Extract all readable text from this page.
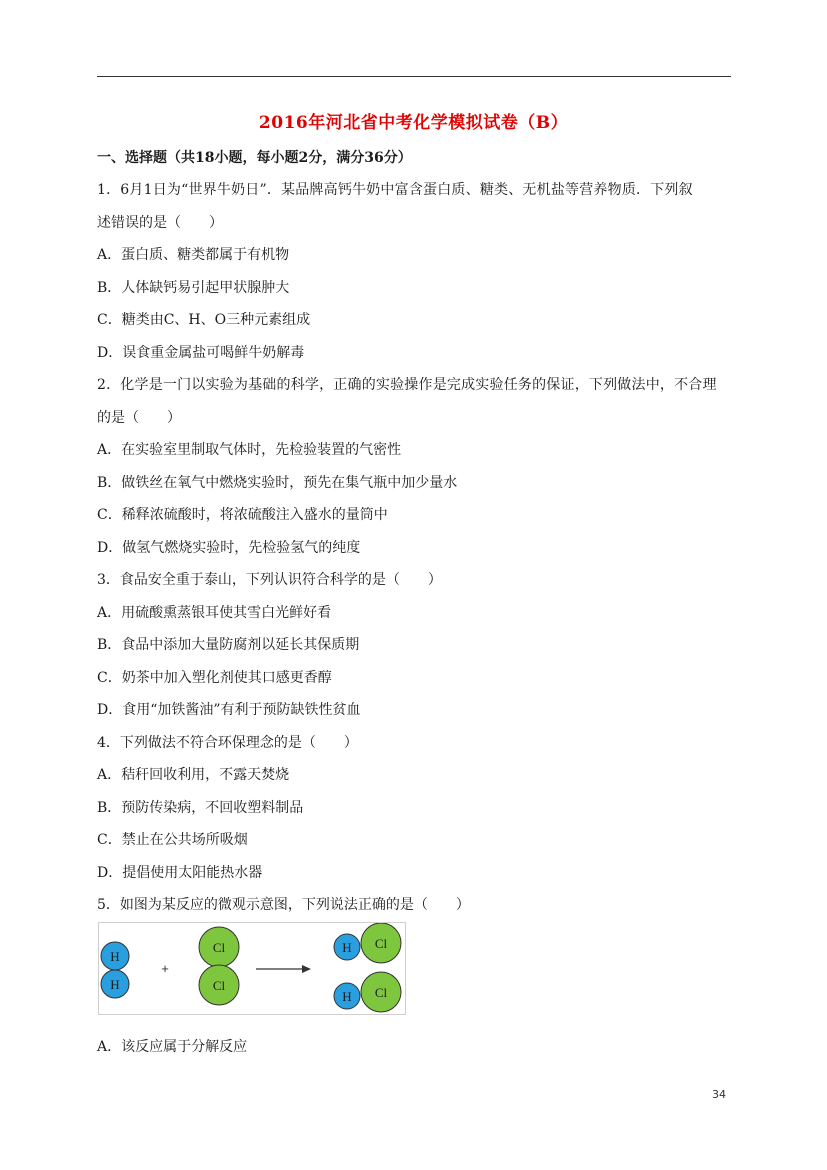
2016年河北省中考化学模拟试卷（B）
一、选择题（共18小题，每小题2分，满分36分）
1．6月1日为“世界牛奶日”．某品牌高钙牛奶中富含蛋白质、糖类、无机盐等营养物质．下列叙
述错误的是（　　）
A．蛋白质、糖类都属于有机物
B．人体缺钙易引起甲状腺肿大
C．糖类由C、H、O三种元素组成
D．误食重金属盐可喝鲜牛奶解毒
2．化学是一门以实验为基础的科学，正确的实验操作是完成实验任务的保证，下列做法中，不合理
的是（　　）
A．在实验室里制取气体时，先检验装置的气密性
B．做铁丝在氧气中燃烧实验时，预先在集气瓶中加少量水
C．稀释浓硫酸时，将浓硫酸注入盛水的量筒中
D．做氢气燃烧实验时，先检验氢气的纯度
3．食品安全重于泰山，下列认识符合科学的是（　　）
A．用硫酸熏蒸银耳使其雪白光鲜好看
B．食品中添加大量防腐剂以延长其保质期
C．奶茶中加入塑化剂使其口感更香醇
D．食用“加铁酱油”有利于预防缺铁性贫血
4．下列做法不符合环保理念的是（　　）
A．秸秆回收利用，不露天焚烧
B．预防传染病，不回收塑料制品
C．禁止在公共场所吸烟
D．提倡使用太阳能热水器
5．如图为某反应的微观示意图，下列说法正确的是（　　）
H
H
+
Cl
Cl
H Cl
H Cl
A．该反应属于分解反应
34
